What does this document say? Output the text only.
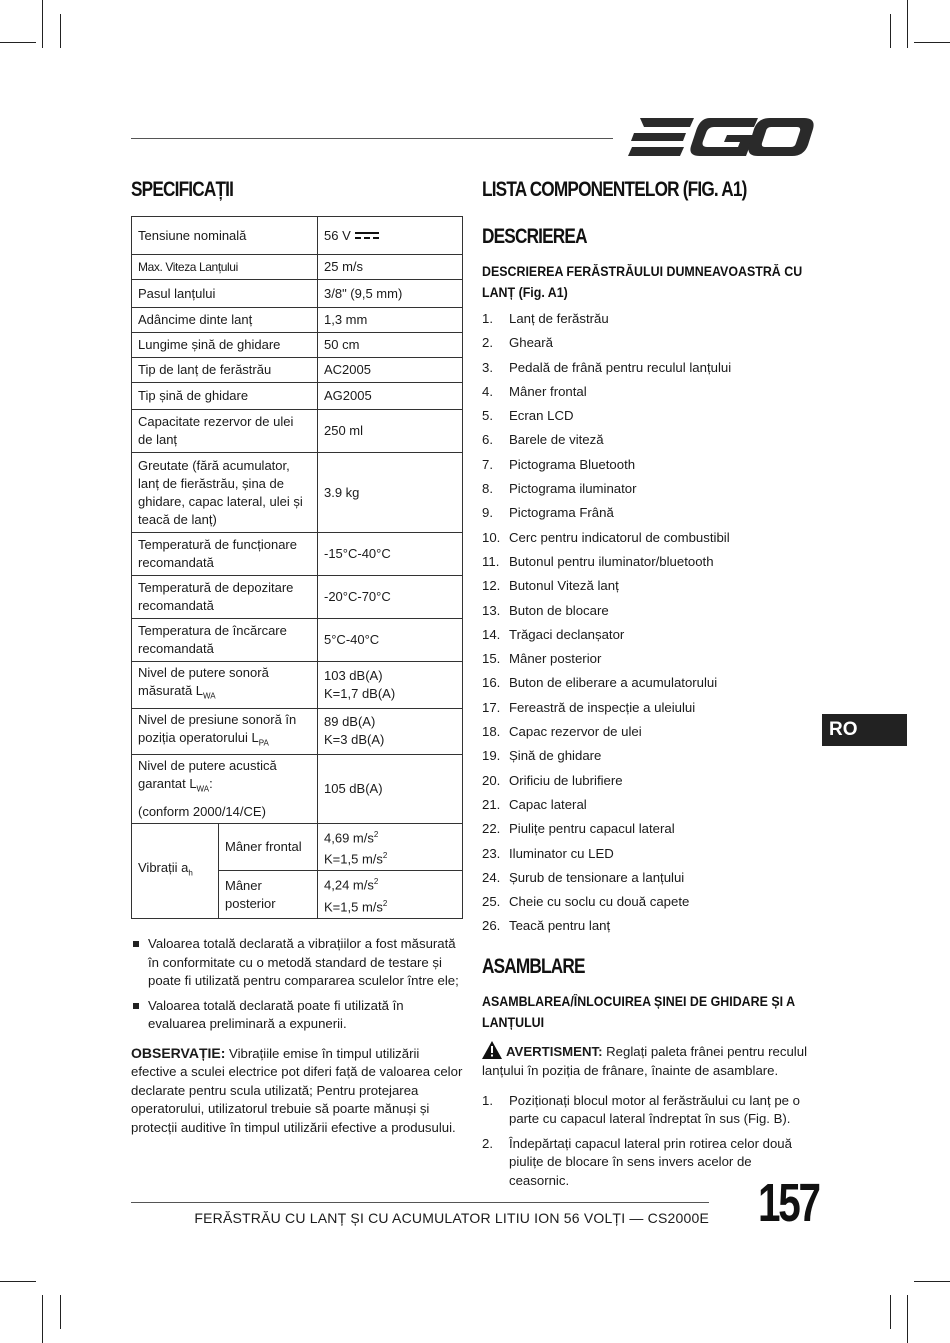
SPECIFICAȚII
Tensiune nominală		56 V
Max. Viteza Lanțului		25 m/s
Pasul lanțului		3/8" (9,5 mm)
Adâncime dinte lanț		1,3 mm
Lungime șină de ghidare		50 cm
Tip de lanț de ferăstrău		AC2005
Tip șină de ghidare		AG2005
Capacitate rezervor de ulei de lanț		250 ml
Greutate (fără acumulator, lanț de fierăstrău, șina de ghidare, capac lateral, ulei și teacă de lanț)		3.9 kg
Temperatură de funcționare recomandată		-15°C-40°C
Temperatură de depozitare recomandată		-20°C-70°C
Temperatura de încărcare recomandată		5°C-40°C
Nivel de putere sonoră măsurată $L_{WA}$		103 dB(A)
K=1,7 dB(A)

Nivel de presiune sonoră în poziția operatorului $L_{PA}$		89 dB(A)
K=3 dB(A)

Nivel de putere acustică garantat $L_{WA}$:
(conform 2000/14/CE)		105 dB(A)
Vibrații $a_h$	Mâner frontal	4,69 $m/s^2$
K=1,5 $m/s^2$

	Mâner posterior	4,24 $m/s^2$
K=1,5 $m/s^2$
Valoarea totală declarată a vibrațiilor a fost măsurată în conformitate cu o metodă standard de testare și poate fi utilizată pentru compararea sculelor între ele;
Valoarea totală declarată poate fi utilizată în evaluarea preliminară a expunerii.
OBSERVAȚIE: Vibrațiile emise în timpul utilizării efective a sculei electrice pot diferi față de valoarea celor declarate pentru scula utilizată; Pentru protejarea operatorului, utilizatorul trebuie să poarte mănuși și protecții auditive în timpul utilizării efective a produsului.
LISTA COMPONENTELOR (FIG. A1)
DESCRIEREA

DESCRIEREA FERĂSTRĂULUI DUMNEAVOASTRĂ CU LANȚ (Fig. A1)

1. Lanț de ferăstrău
2. Gheară
3. Pedală de frână pentru reculul lanțului
4. Mâner frontal
5. Ecran LCD
6. Barele de viteză
7. Pictograma Bluetooth
8. Pictograma iluminator
9. Pictograma Frână
10. Cerc pentru indicatorul de combustibil
11. Butonul pentru iluminator/bluetooth
12. Butonul Viteză lanț
13. Buton de blocare
14. Trăgaci declanșator
15. Mâner posterior
16. Buton de eliberare a acumulatorului
17. Fereastră de inspecție a uleiului
18. Capac rezervor de ulei
19. Șină de ghidare
20. Orificiu de lubrifiere
21. Capac lateral
22. Piulițe pentru capacul lateral
23. Iluminator cu LED
24. Șurub de tensionare a lanțului
25. Cheie cu soclu cu două capete
26. Teacă pentru lanț
ASAMBLARE

ASAMBLAREA/ÎNLOCUIREA ȘINEI DE GHIDARE ȘI A LANȚULUI

AVERTISMENT: Reglați paleta frânei pentru reculul lanțului în poziția de frânare, înainte de asamblare.
1.	Poziționați blocul motor al ferăstrăului cu lanț pe o parte cu capacul lateral îndreptat în sus (Fig. B).
2.	Îndepărtați capacul lateral prin rotirea celor două piulițe de blocare în sens invers acelor de ceasornic.
RO
FERĂSTRĂU CU LANȚ ȘI CU ACUMULATOR LITIU ION 56 VOLȚI — CS2000E 157
